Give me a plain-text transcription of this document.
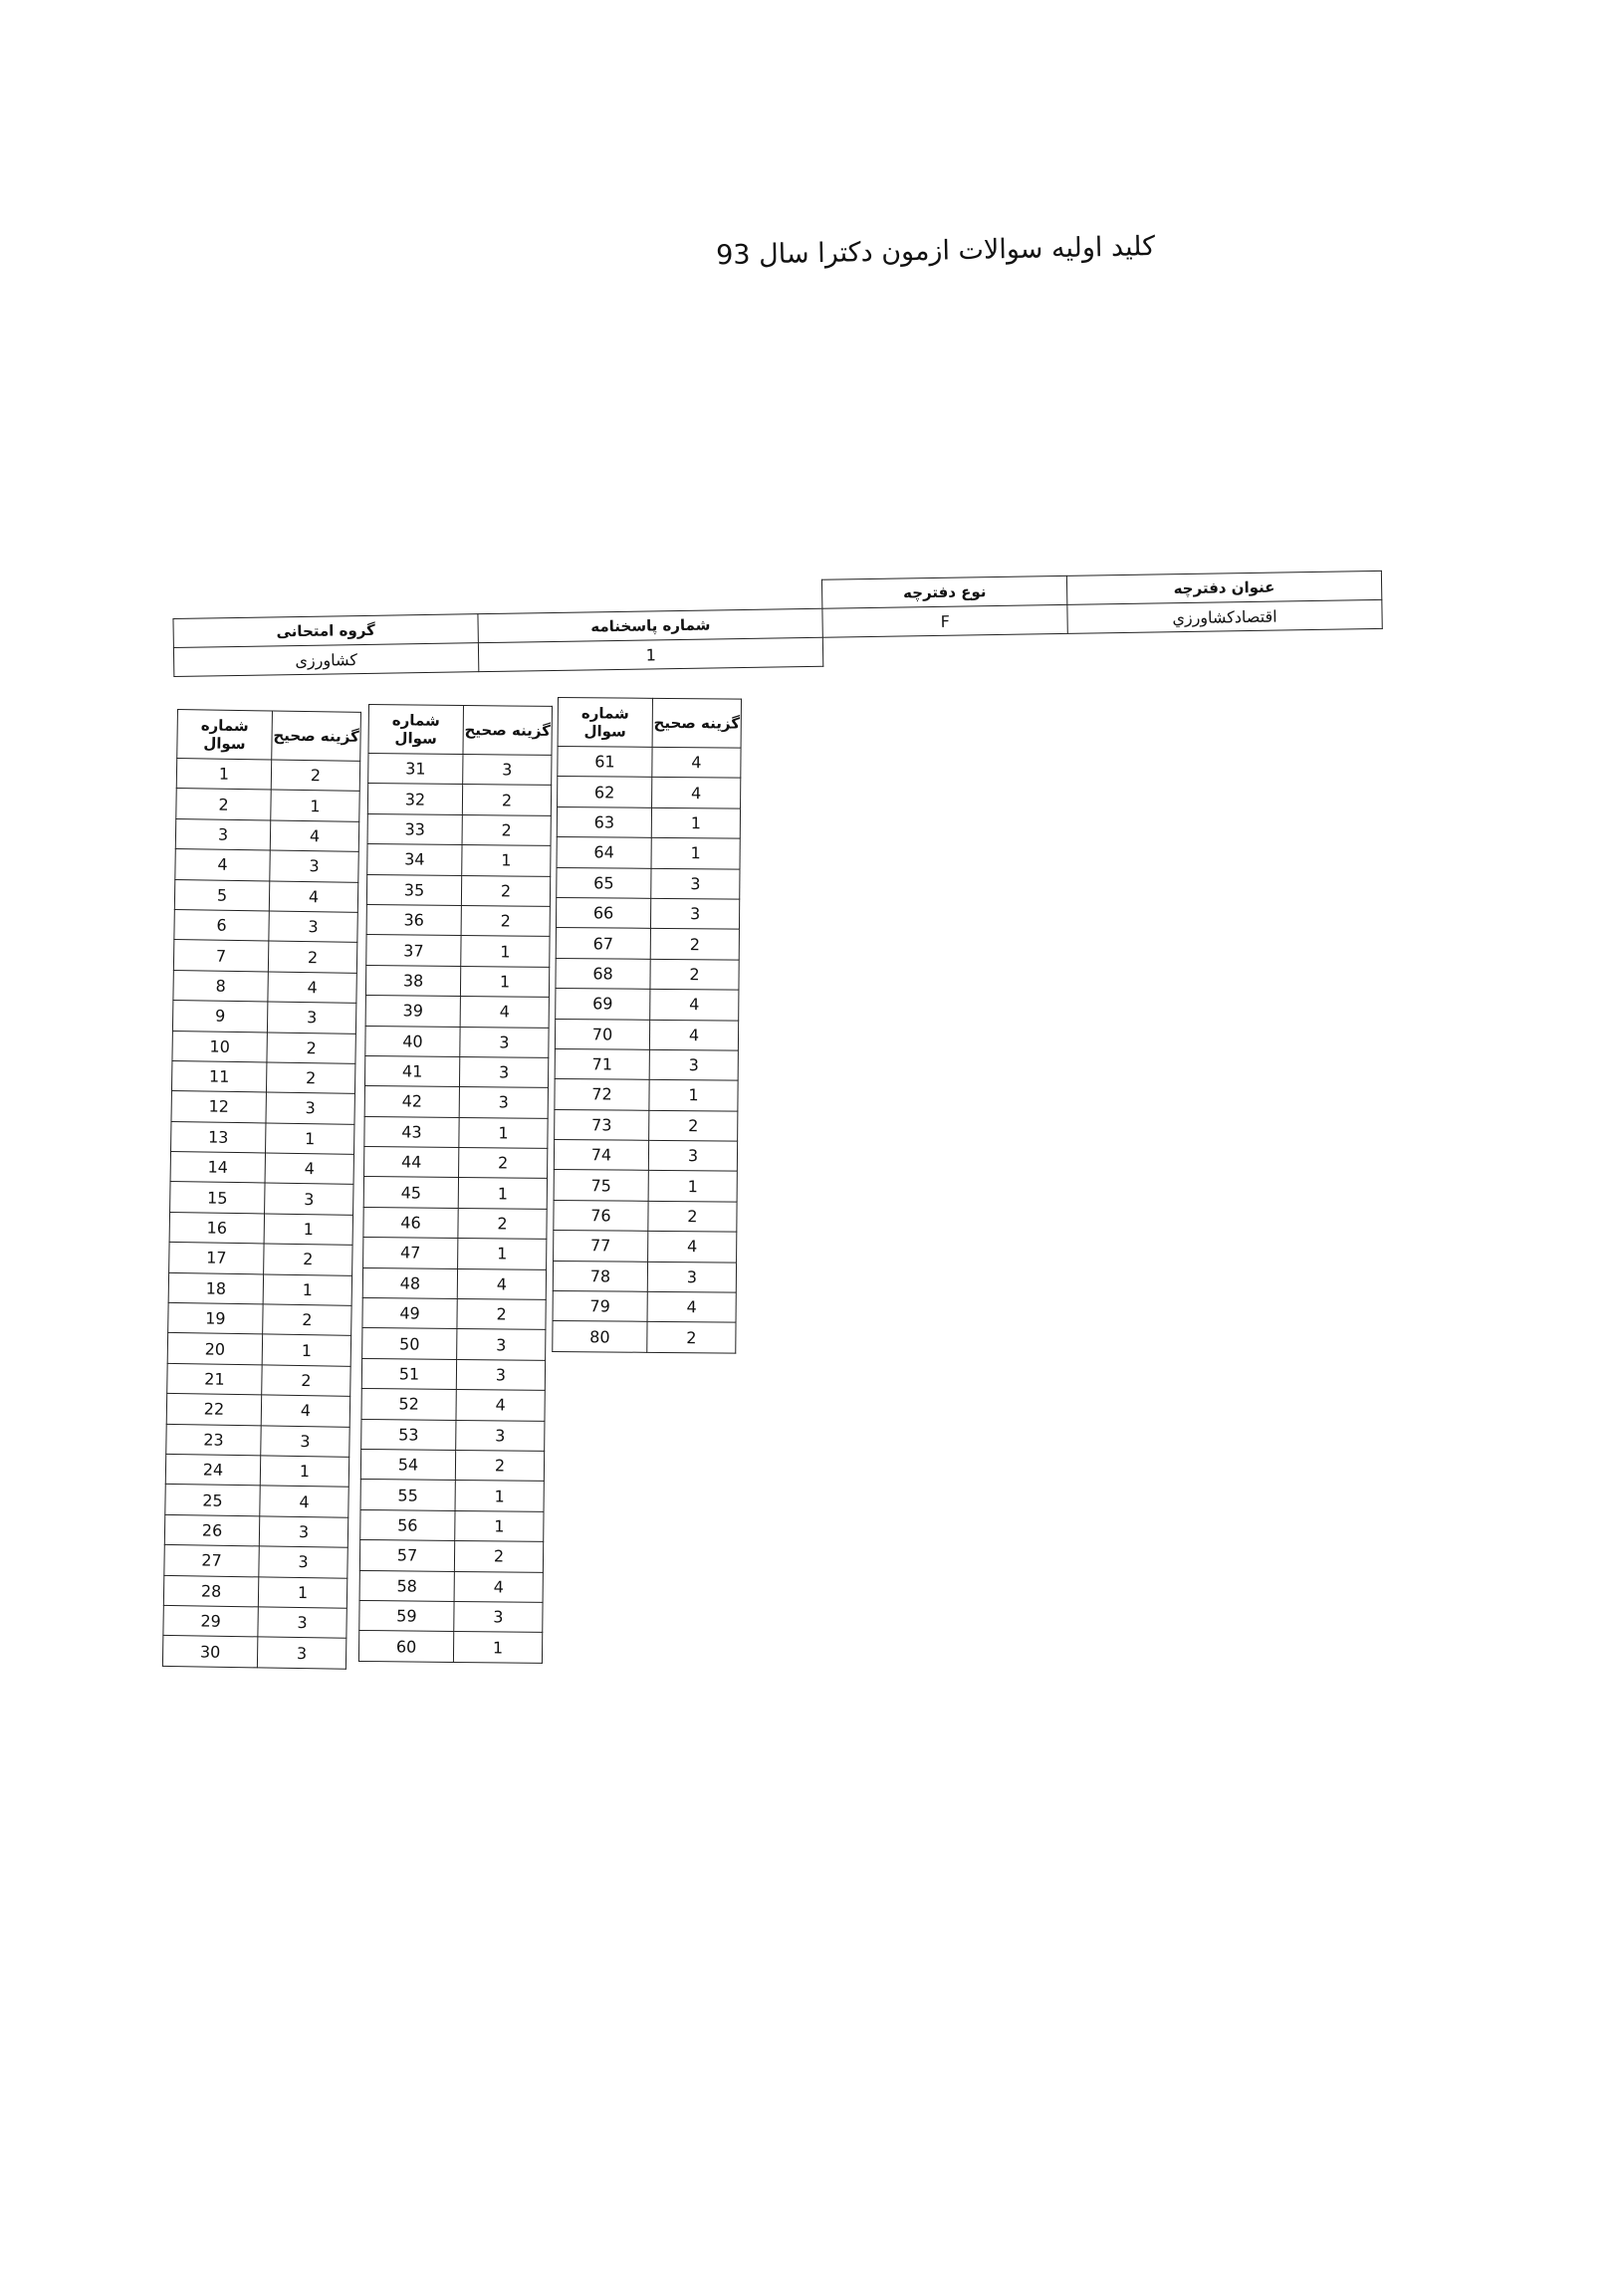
کلید اولیه سوالات ازمون دکترا سال 93
		نوع دفترچه	عنوان دفترچه
گروه امتحانی	شماره پاسخنامه	F	اقتصادکشاورزي
کشاورزی	1		
شماره سوال	گزینه صحیح
1	2
2	1
3	4
4	3
5	4
6	3
7	2
8	4
9	3
10	2
11	2
12	3
13	1
14	4
15	3
16	1
17	2
18	1
19	2
20	1
21	2
22	4
23	3
24	1
25	4
26	3
27	3
28	1
29	3
30	3
شماره سوال	گزینه صحیح
31	3
32	2
33	2
34	1
35	2
36	2
37	1
38	1
39	4
40	3
41	3
42	3
43	1
44	2
45	1
46	2
47	1
48	4
49	2
50	3
51	3
52	4
53	3
54	2
55	1
56	1
57	2
58	4
59	3
60	1
شماره سوال	گزینه صحیح
61	4
62	4
63	1
64	1
65	3
66	3
67	2
68	2
69	4
70	4
71	3
72	1
73	2
74	3
75	1
76	2
77	4
78	3
79	4
80	2
